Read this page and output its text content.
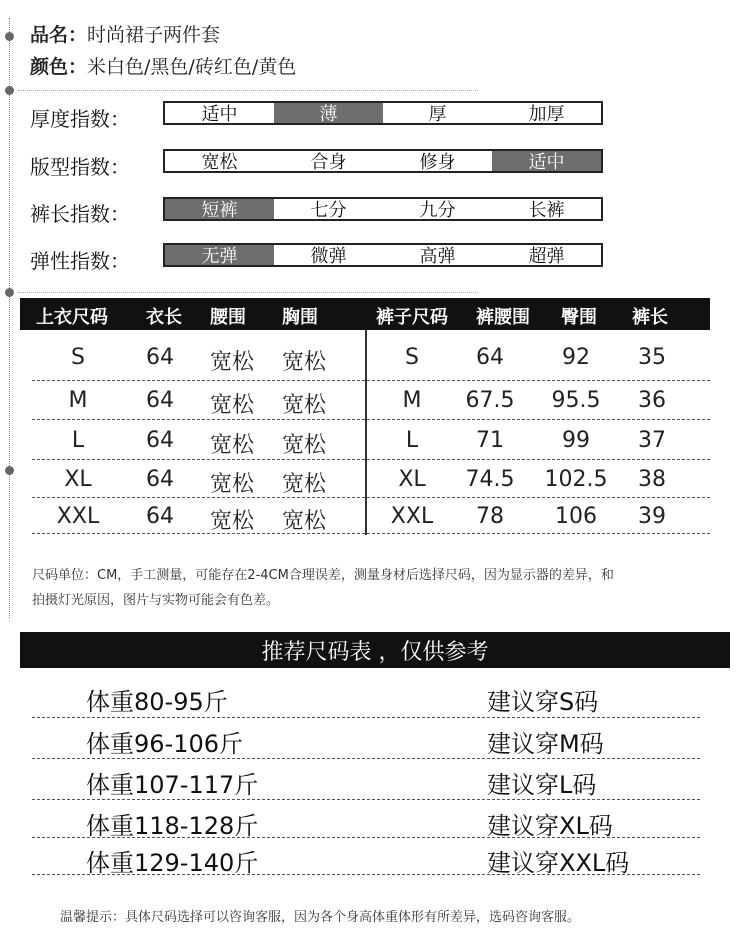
品名：时尚裙子两件套
颜色：米白色/黑色/砖红色/黄色
厚度指数：	适中	薄	厚	加厚
版型指数：	宽松	合身	修身	适中
裤长指数：	短裤	七分	九分	长裤
弹性指数：	无弹	微弹	高弹	超弹
上衣尺码 衣长 腰围 胸围	裤子尺码 裤腰围 臀围 裤长
S	64 宽松 宽松	S	64	92 35
M	64 宽松 宽松	M 67.5 95.5 36
L	64 宽松 宽松	L	71	99 37
XL 64 宽松 宽松	XL 74.5 102.5 38
XXL 64 宽松 宽松	XXL 78 106 39
尺码单位：CM，手工测量，可能存在2-4CM合理误差，测量身材后选择尺码，因为显示器的差异，和
拍摄灯光原因，图片与实物可能会有色差。
推荐尺码表 ，仅供参考
体重80-95斤	建议穿S码
体重96-106斤	建议穿M码
体重107-117斤	建议穿L码
体重118-128斤	建议穿XL码
体重129-140斤	建议穿XXL码
温馨提示：具体尺码选择可以咨询客服，因为各个身高体重体形有所差异，选码咨询客服。
